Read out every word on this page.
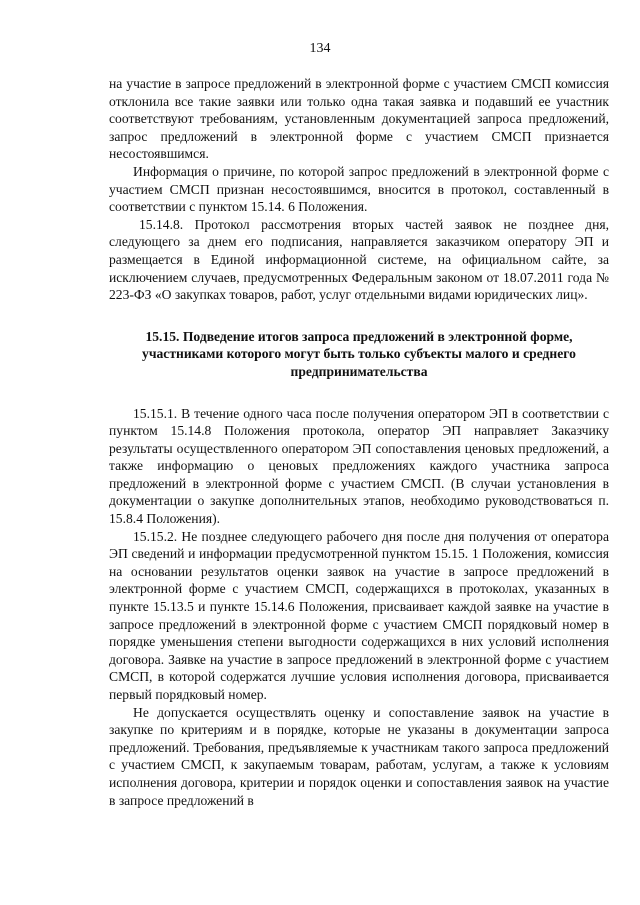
134

на участие в запросе предложений в электронной форме с участием СМСП комиссия отклонила все такие заявки или только одна такая заявка и подавший ее участник соответствуют требованиям, установленным документацией запроса предложений, запрос предложений в электронной форме с участием СМСП признается несостоявшимся.

Информация о причине, по которой запрос предложений в электронной форме с участием СМСП признан несостоявшимся, вносится в протокол, составленный в соответствии с пунктом 15.14. 6 Положения.

15.14.8. Протокол рассмотрения вторых частей заявок не позднее дня, следующего за днем его подписания, направляется заказчиком оператору ЭП и размещается в Единой информационной системе, на официальном сайте, за исключением случаев, предусмотренных Федеральным законом от 18.07.2011 года № 223-ФЗ «О закупках товаров, работ, услуг отдельными видами юридических лиц».

15.15. Подведение итогов запроса предложений в электронной форме, участниками которого могут быть только субъекты малого и среднего предпринимательства

15.15.1. В течение одного часа после получения оператором ЭП в соответствии с пунктом 15.14.8 Положения протокола, оператор ЭП направляет Заказчику результаты осуществленного оператором ЭП сопоставления ценовых предложений, а также информацию о ценовых предложениях каждого участника запроса предложений в электронной форме с участием СМСП. (В случаи установления в документации о закупке дополнительных этапов, необходимо руководствоваться п. 15.8.4 Положения).

15.15.2. Не позднее следующего рабочего дня после дня получения от оператора ЭП сведений и информации предусмотренной пунктом 15.15. 1 Положения, комиссия на основании результатов оценки заявок на участие в запросе предложений в электронной форме с участием СМСП, содержащихся в протоколах, указанных в пункте 15.13.5 и пункте 15.14.6 Положения, присваивает каждой заявке на участие в запросе предложений в электронной форме с участием СМСП порядковый номер в порядке уменьшения степени выгодности содержащихся в них условий исполнения договора. Заявке на участие в запросе предложений в электронной форме с участием СМСП, в которой содержатся лучшие условия исполнения договора, присваивается первый порядковый номер.

Не допускается осуществлять оценку и сопоставление заявок на участие в закупке по критериям и в порядке, которые не указаны в документации запроса предложений. Требования, предъявляемые к участникам такого запроса предложений с участием СМСП, к закупаемым товарам, работам, услугам, а также к условиям исполнения договора, критерии и порядок оценки и сопоставления заявок на участие в запросе предложений в
